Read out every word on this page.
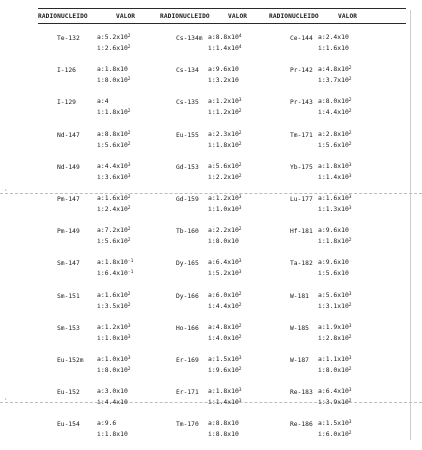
RADIONUCLEIDO	VALOR	RADIONUCLEIDO	VALOR	RADIONUCLEIDO	VALOR
·
·
Te-132	$a:5.2x10^2$
$i:2.6x10^2$
Cs-134m $a:8.8x10^4$
$i:1.4x10^4$
Ce-144 a:2.4x10
i:1.6x10
I-126	a:1.8x10
$i:8.0x10^2$
Cs-134 a:9.6x10
i:3.2x10
Pr-142 $a:4.8x10^2$
$i:3.7x10^2$
I-129	a:4
$i:1.8x10^2$
Cs-135 $a:1.2x10^3$
$i:1.2x10^2$
Pr-143 $a:8.0x10^2$
$i:4.4x10^2$
Nd-147	$a:8.8x10^2$
$i:5.6x10^2$
Eu-155 $a:2.3x10^2$
$i:1.8x10^2$
Tm-171 $a:2.8x10^2$
$i:5.6x10^2$
Nd-149	$a:4.4x10^3$
$i:3.6x10^3$
Gd-153 $a:5.6x10^2$
$i:2.2x10^2$
Yb-175 $a:1.8x10^3$
$i:1.4x10^3$
Pm-147	$a:1.6x10^2$
$i:2.4x10^2$
Gd-159 $a:1.2x10^3$
$i:1.0x10^3$
Lu-177 $a:1.6x10^3$
$i:1.3x10^3$
Pm-149	$a:7.2x10^2$
$i:5.6x10^2$
Tb-160 $a:2.2x10^2$
i:8.0x10
Hf-181 a:9.6x10
$i:1.8x10^2$
Sm-147	$a:1.8x10^{-1}$
$i:6.4x10^{-1}$
Dy-165 $a:6.4x10^3$
$i:5.2x10^3$
Ta-182 a:9.6x10
i:5.6x10
Sm-151	$a:1.6x10^2$
$i:3.5x10^2$
Dy-166 $a:6.0x10^2$
$i:4.4x10^2$
W-181 $a:5.6x10^3$
$i:3.1x10^2$
Sm-153	$a:1.2x10^3$
$i:1.0x10^3$
Ho-166 $a:4.8x10^2$
$i:4.0x10^2$
W-185 $a:1.9x10^3$
$i:2.8x10^2$
Eu-152m $a:1.0x10^3$
$i:8.0x10^2$
Er-169 $a:1.5x10^3$
$i:9.6x10^2$
W-187 $a:1.1x10^3$
$i:8.0x10^2$
Eu-152	a:3.0x10
i:4.4x10
Er-171 $a:1.8x10^3$
$i:1.4x10^3$
Re-183 $a:6.4x10^3$
$i:3.9x10^2$
Eu-154	a:9.6
i:1.8x10
Tm-170 a:8.8x10
i:8.8x10
Re-186 $a:1.5x10^3$
$i:6.0x10^2$
